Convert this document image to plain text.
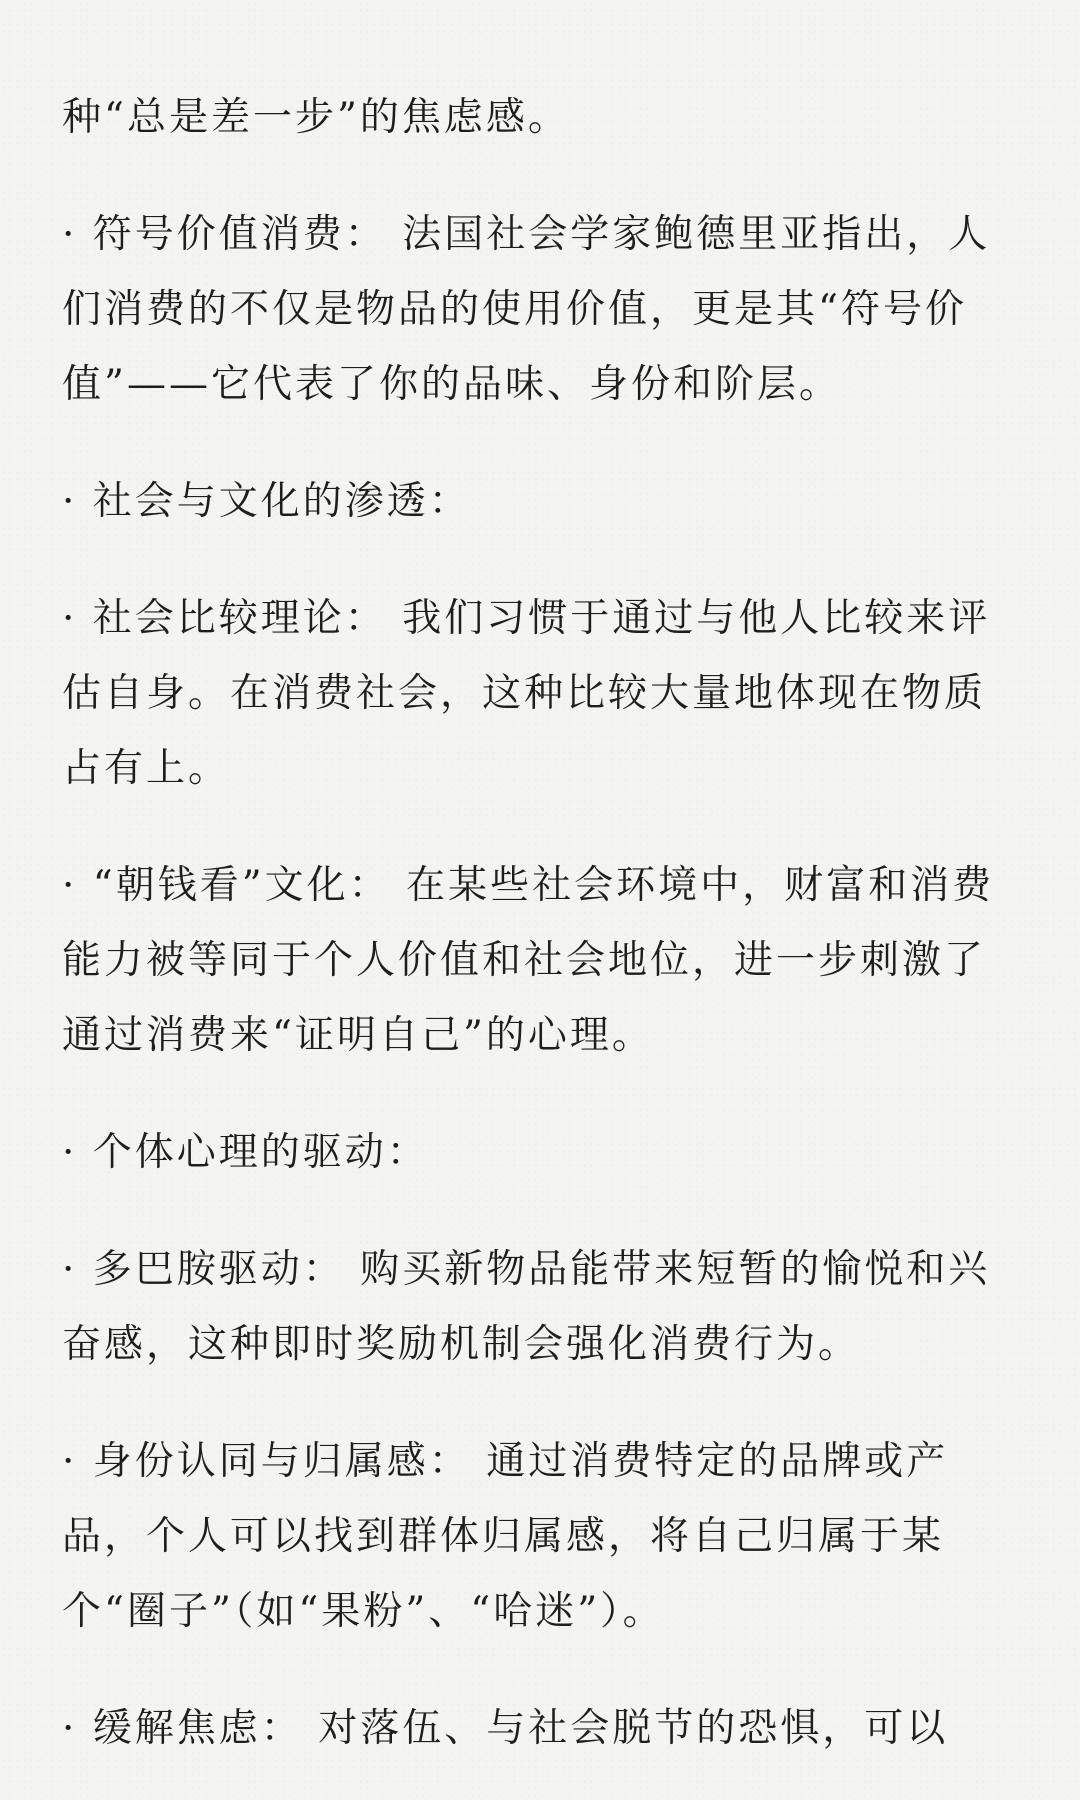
种“总是差一步”的焦虑感。

· 符号价值消费： 法国社会学家鲍德里亚指出，人们消费的不仅是物品的使用价值，更是其“符号价值”——它代表了你的品味、身份和阶层。

· 社会与文化的渗透：

· 社会比较理论： 我们习惯于通过与他人比较来评估自身。在消费社会，这种比较大量地体现在物质占有上。

· “朝钱看”文化： 在某些社会环境中，财富和消费能力被等同于个人价值和社会地位，进一步刺激了通过消费来“证明自己”的心理。

· 个体心理的驱动：

· 多巴胺驱动： 购买新物品能带来短暂的愉悦和兴奋感，这种即时奖励机制会强化消费行为。

· 身份认同与归属感： 通过消费特定的品牌或产品，个人可以找到群体归属感，将自己归属于某个“圈子”（如“果粉”、“哈迷”）。

· 缓解焦虑： 对落伍、与社会脱节的恐惧，可以
